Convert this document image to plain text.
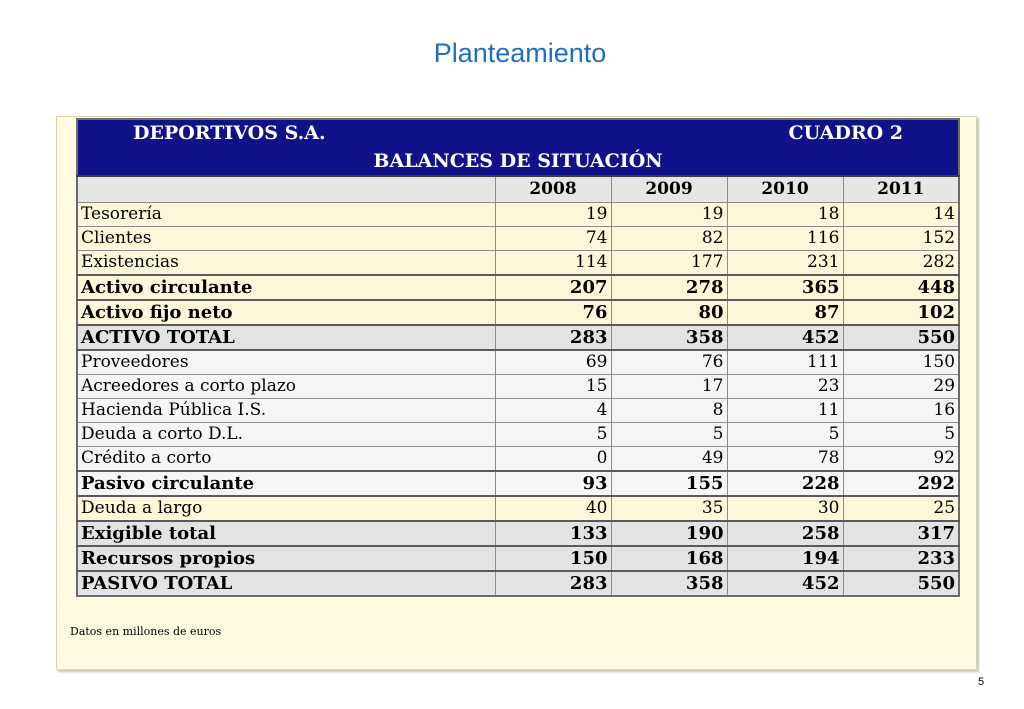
Planteamiento
DEPORTIVOS S.A. CUADRO 2				

BALANCES DE SITUACIÓN				
	2008	2009	2010	2011
Tesorería	19	19	18	14
Clientes	74	82	116	152
Existencias	114	177	231	282
Activo circulante	207	278	365	448
Activo fijo neto	76	80	87	102
ACTIVO TOTAL	283	358	452	550
Proveedores	69	76	111	150
Acreedores a corto plazo	15	17	23	29
Hacienda Pública I.S.	4	8	11	16
Deuda a corto D.L.	5	5	5	5
Crédito a corto	0	49	78	92
Pasivo circulante	93	155	228	292
Deuda a largo	40	35	30	25
Exigible total	133	190	258	317
Recursos propios	150	168	194	233
PASIVO TOTAL	283	358	452	550
Datos en millones de euros
5
